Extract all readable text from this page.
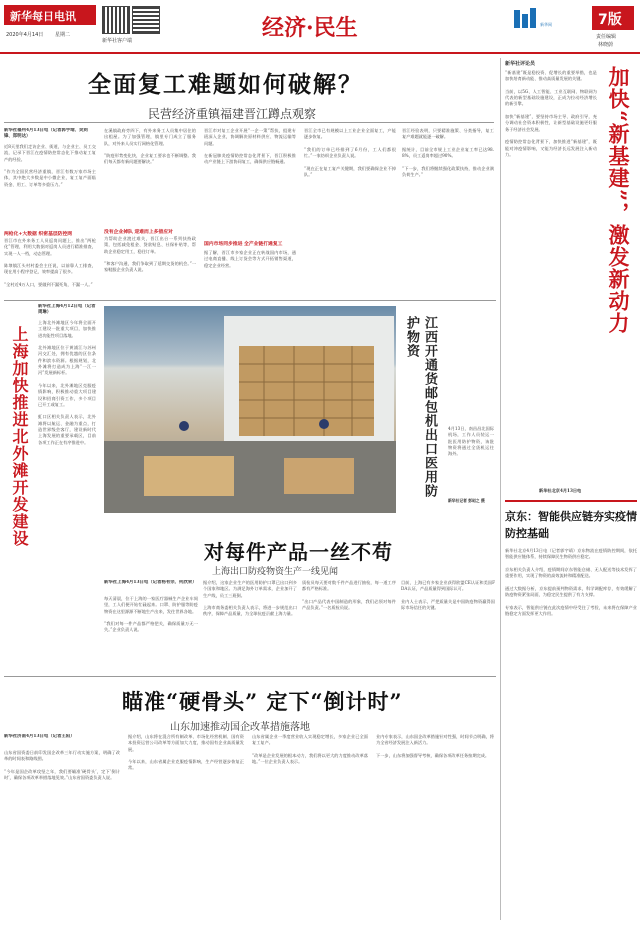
新华每日电讯
2020年4月14日 星期二
新华社客户端	经济·民生	新华网	7版
责任编辑
林晓蔚
全面复工难题如何破解？
民营经济重镇福建晋江蹲点观察
新华社福州4月13日电（记者郭宇靖、吴剑锋、郑明达）
近8天里我们走访企业、街道，与企业主、员工交流，记录下晋江在疫情防控常态化下推动复工复产的经验。

“作为全国民营经济重镇，晋江有数万家市场主体，其中绝大多数是中小微企业，复工复产面临资金、用工、订单等多重压力。”
两枪化+大数据 织密基层防控网
晋江市在外来务工人员返岗问题上，推出“两枪化”管理，利用大数据对返岗人员进行精准排查，实现一人一档，动态管理。

陈埭镇江头村村委会主任说，以前靠人工排查，现在用小程序登记，效率提高了很多。

“全村近4万人口，要做到不漏死角，不漏一人。”
在溪镇政府旁四下，有外来务工人员集中居住的出租屋。为了加强管理，镇里专门成立了服务队，对外来人员实行网格化管理。

“防疫形势变化快，企业复工要求也不断调整。我们每天都有新问题要解决。”
没有企业掉队 迎难而上多措应对
为帮助企业渡过难关，晋江出台一系列扶持政策，包括减免租金、贷款贴息、社保补贴等，帮助企业稳定用工，稳住订单。

“和客户沟通，我们争取到了延期交货的机会。”一家鞋服企业负责人说。
晋江市对复工企业开展“一企一策”帮扶，组建专班深入企业，协调解决原材料供应、物流运输等问题。

在新冠肺炎疫情防控常态化背景下，晋江积极推动产业链上下游协同复工，确保供应链畅通。
国内市场同步推进 全产业链打通复工
据了解，晋江市多家企业正在转战国内市场，通过电商直播、线上订货会等方式开拓销售渠道，稳定企业经营。
晋江全市已有规模以上工业企业全面复工，产能逐步恢复。

“我们的订单已经排到了6月份，工人们都很忙。”一家纺织企业负责人说。

“现在正在复工复产关键期，我们要确保企业不掉队。”
晋江经验表明，只要精准施策、分类指导，复工复产难题就能逐一破解。

据统计，目前全市规上工业企业复工率已达98.8%，员工返岗率超过90%。

“下一步，我们将继续强化政策扶持，推动企业满负荷生产。”
新华社评论员
“新基建”既是稳投资、促增长的重要举措，也是加快培育新动能、推动高质量发展的关键。

当前，以5G、人工智能、工业互联网、物联网为代表的新型基础设施建设，正成为拉动经济增长的新引擎。

加快“新基建”，要坚持市场主导、政府引导，充分调动社会资本积极性，让新型基础设施更好服务于经济社会发展。

疫情防控常态化背景下，加快推进“新基建”，既能对冲疫情影响，又能为经济长远发展注入新动力。	加快“新基建”，激发新动力
新华社北京4月13日电
京东：智能供应链夯实疫情防控基础
新华社北京4月13日电（记者郭宇靖）京东物流在疫情防控期间，依托智能供应链体系，持续保障民生物资供应稳定。

京东相关负责人介绍，疫情期间京东智能仓储、无人配送等技术发挥了重要作用，实现了物资的高效流转和精准配送。

通过大数据分析，京东提前预判物资需求，科学调配库存，有效缓解了防疫物资紧张局面，为稳定民生提供了有力支撑。

专家表示，智能供应链在此次疫情中经受住了考验，未来将在保障产业链稳定方面发挥更大作用。
上海加快推进北外滩开发建设
新华社上海4月12日电（记者周琳）
上海北外滩地区今年将全面开工建设一批重大项目，加快推进功能性项目落地。

北外滩地区位于黄浦江与苏州河交汇处，拥有优越的区位条件和滨水资源。根据规划，北外滩将打造成为上海“一江一河”发展新标杆。

今年以来，北外滩地区克服疫情影响，积极推动重大项目建设和招商引资工作，多个项目已开工或复工。

虹口区相关负责人表示，北外滩将以航运、金融为重点，打造世界级会客厅，建设新时代上海发展的重要承载区，目前各项工作正在有序推进中。	江西开通货邮包机出口医用防护物资
4月13日，南昌昌北国际机场，工作人员装运一批医用防护物资，该批物资将通过全货机运往海外。
新华社记者 彭昭之 摄
对每件产品一丝不苟
上海出口防疫物资生产一线见闻
新华社上海4月13日电（记者杨有宗、何欣荣）
每天清晨，位于上海的一家医疗器械生产企业车间里，工人们便开始忙碌起来。口罩、防护服等防疫物资在这里源源不断地生产出来，发往世界各地。

“我们对每一件产品都严格把关，确保质量万无一失。”企业负责人说。
据介绍，这家企业生产的医用防护口罩已出口到多个国家和地区。为满足海外订单需求，企业加开了生产线，员工三班倒。

上海市商务委相关负责人表示，将进一步规范出口秩序，保障产品质量，为全球抗疫贡献上海力量。
质检员每天要对数千件产品进行抽检，每一道工序都有严格标准。

“出口产品代表中国制造的形象，我们必须对每件产品负责。”一名质检员说。
目前，上海已有多家企业获得欧盟CE认证和美国FDA认证，产品质量得到国际认可。

业内人士表示，严把质量关是中国防疫物资赢得国际市场信任的关键。
瞄准“硬骨头” 定下“倒计时”
山东加速推动国企改革措施落地
新华社济南4月13日电（记者王阳）
山东省国资委日前印发国企改革三年行动实施方案，明确了改革的时间表和路线图。

“今年是国企改革攻坚之年，我们要瞄准‘硬骨头’，定下‘倒计时’，确保各项改革举措落地见效。”山东省国资委负责人说。
据介绍，山东将在混合所有制改革、市场化经营机制、国有资本投资运营公司改革等方面加大力度，推动国有企业高质量发展。

今年以来，山东省属企业克服疫情影响，生产经营逐步恢复正常。
山东省属企业一季度营业收入实现稳定增长，多家企业已全面复工复产。

“改革是企业发展的根本动力，我们将以更大的力度推动改革落地。”一位企业负责人表示。
业内专家表示，山东国企改革措施针对性强，时间节点明确，将为全省经济发展注入新活力。

下一步，山东将加强督导考核，确保各项改革任务按期完成。
